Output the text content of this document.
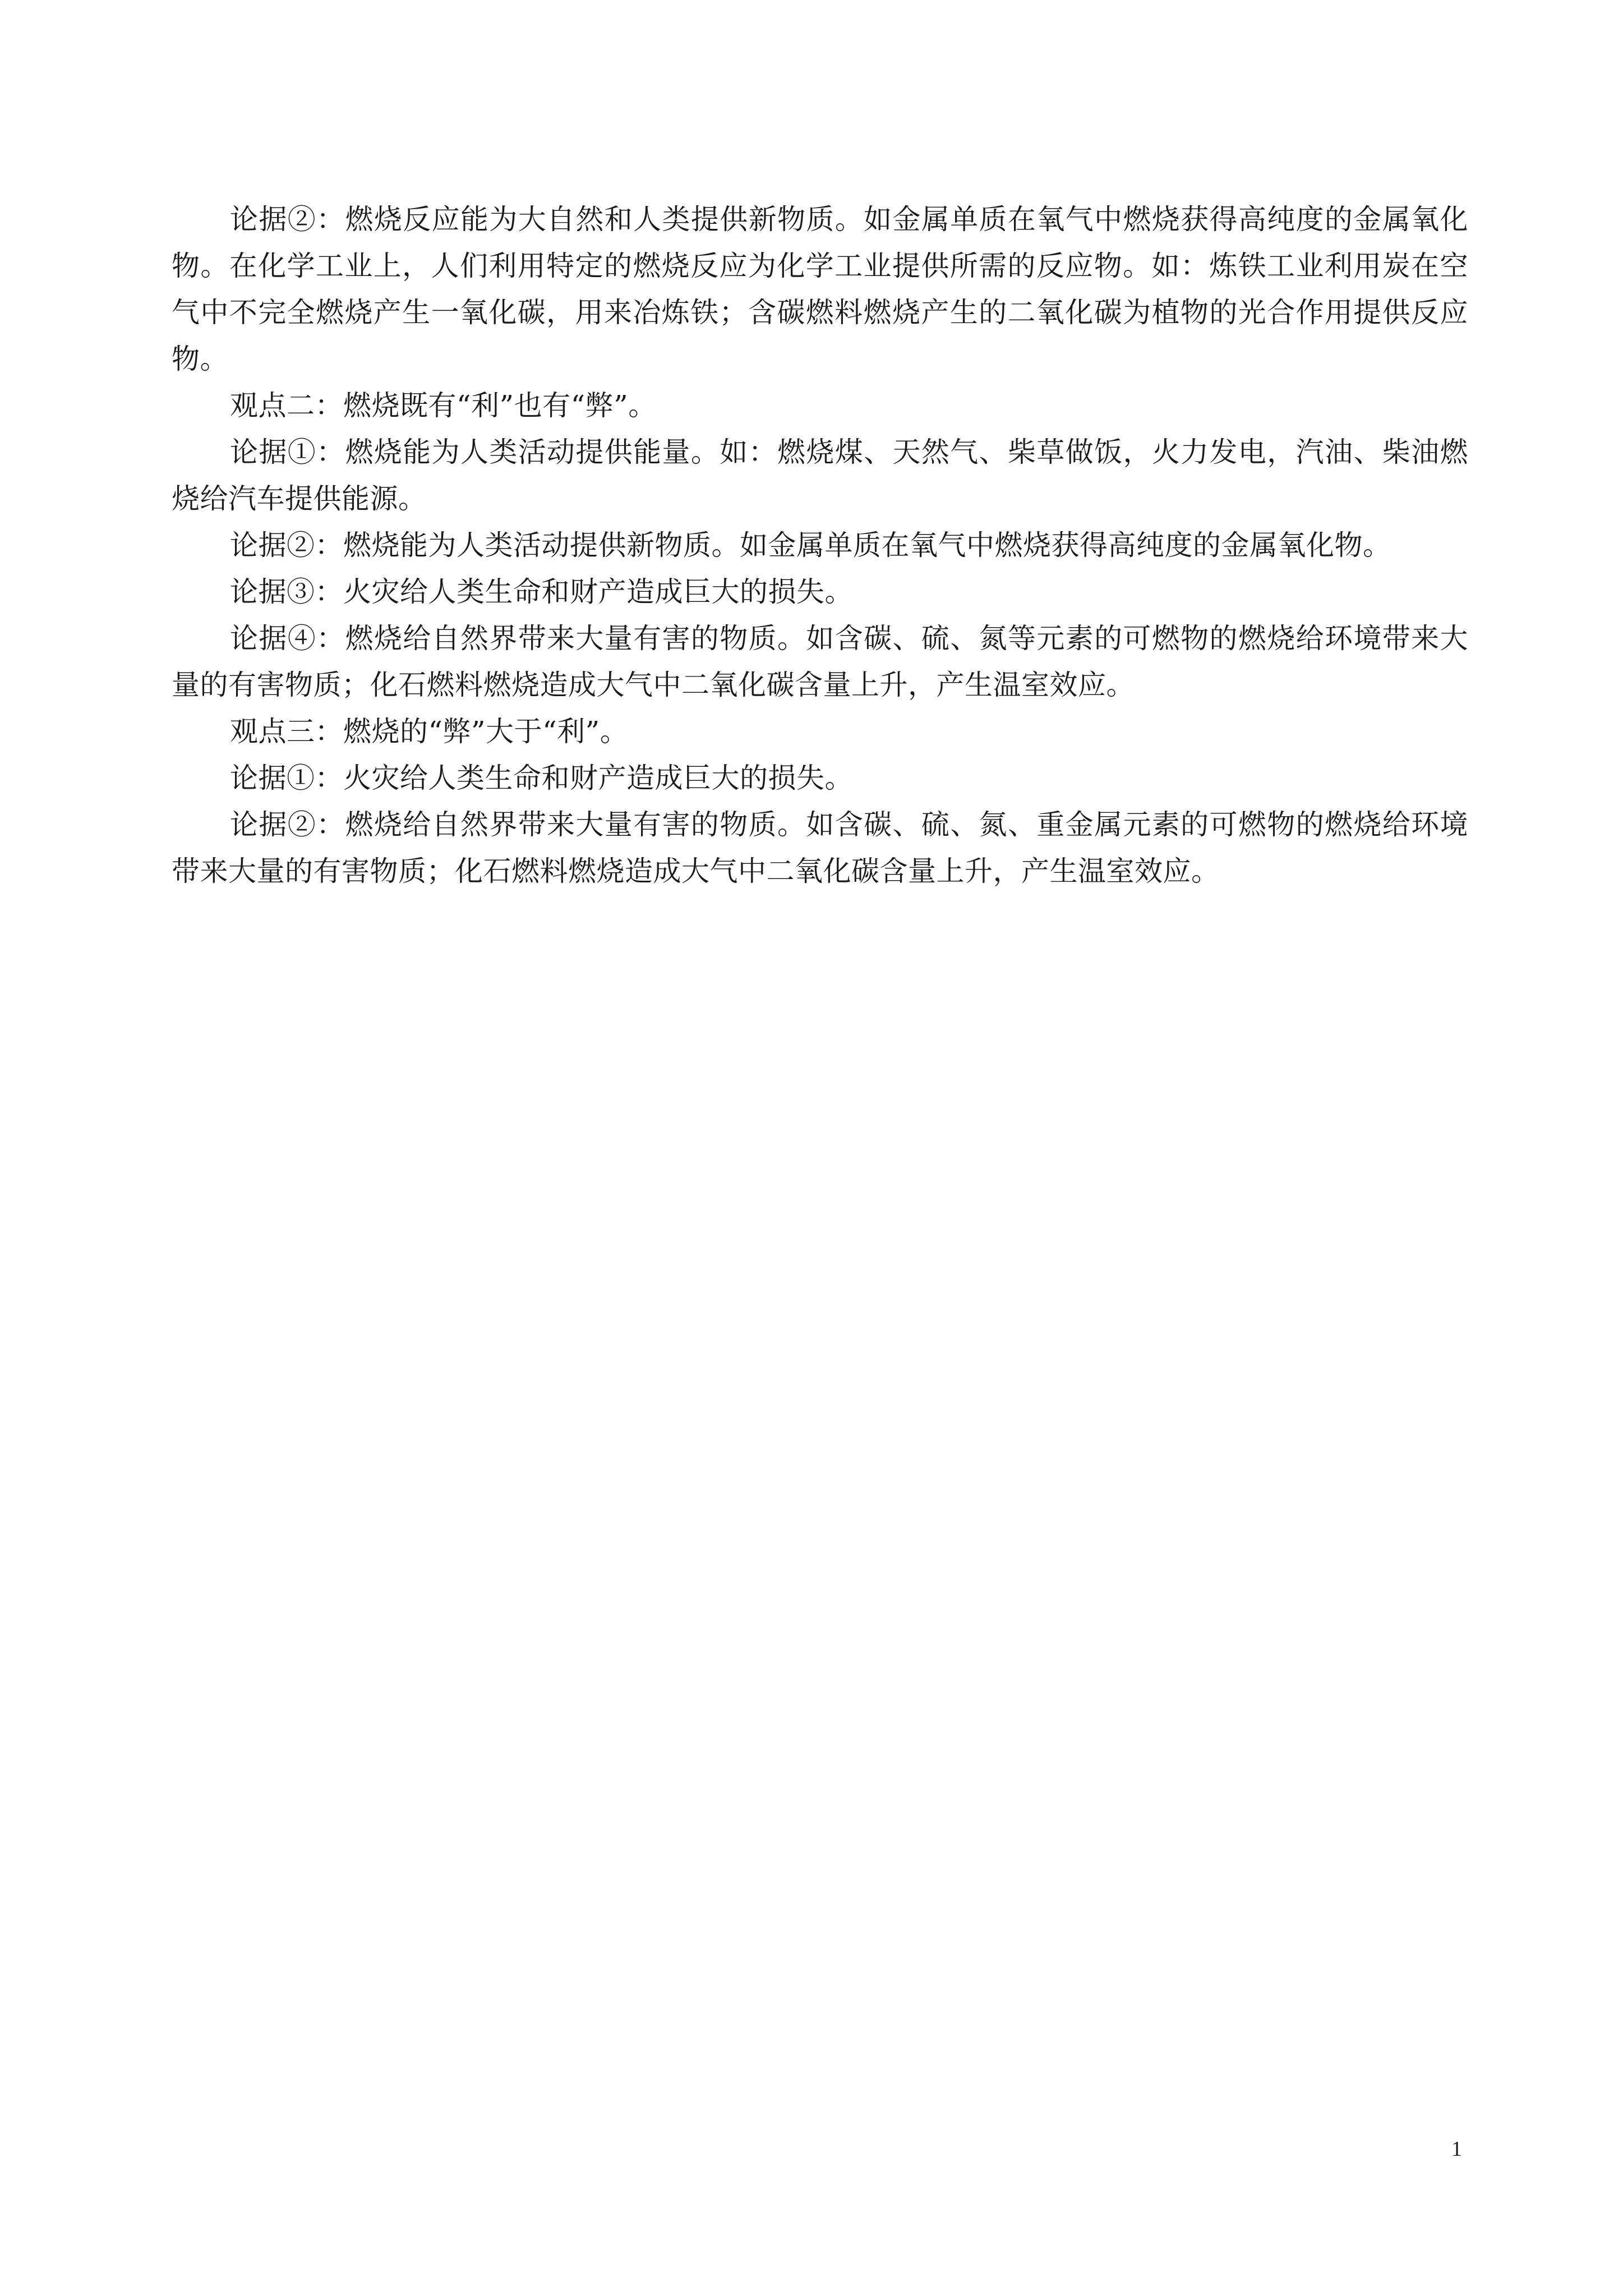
论据②：燃烧反应能为大自然和人类提供新物质。如金属单质在氧气中燃烧获得高纯度的金属氧化物。在化学工业上，人们利用特定的燃烧反应为化学工业提供所需的反应物。如：炼铁工业利用炭在空气中不完全燃烧产生一氧化碳，用来冶炼铁；含碳燃料燃烧产生的二氧化碳为植物的光合作用提供反应物。

观点二：燃烧既有“利”也有“弊”。

论据①：燃烧能为人类活动提供能量。如：燃烧煤、天然气、柴草做饭，火力发电，汽油、柴油燃烧给汽车提供能源。

论据②：燃烧能为人类活动提供新物质。如金属单质在氧气中燃烧获得高纯度的金属氧化物。

论据③：火灾给人类生命和财产造成巨大的损失。

论据④：燃烧给自然界带来大量有害的物质。如含碳、硫、氮等元素的可燃物的燃烧给环境带来大量的有害物质；化石燃料燃烧造成大气中二氧化碳含量上升，产生温室效应。

观点三：燃烧的“弊”大于“利”。

论据①：火灾给人类生命和财产造成巨大的损失。

论据②：燃烧给自然界带来大量有害的物质。如含碳、硫、氮、重金属元素的可燃物的燃烧给环境带来大量的有害物质；化石燃料燃烧造成大气中二氧化碳含量上升，产生温室效应。

1
